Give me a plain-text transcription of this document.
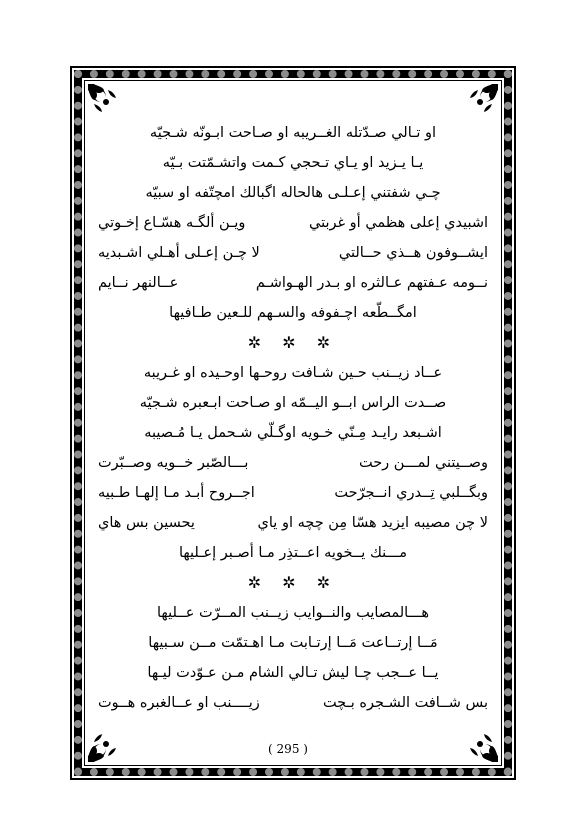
او تـالي صـدّتله الغــريبه او صـاحت ابـونّه شـجيّه
يـا يـزيد او يـاي تـحجي كـمت واتشـمّتت بـيّه
چـي شفتني إعـلـى هالحاله اگبالك امچتّفه او سبيّه
اشبيدي إعلى هظمي أو غربتي
ويـن ألگـه هسّـاع إخـوتي
ايشــوفون هــذي حــالتي
لا چـن إعـلى أهـلي اشـبديه
نــومه عـفتهم عـالثره او بـدر الهـواشـم
عــالنهر نــايم
امگــطّعه اچـفوفه والسـهم للـعين طـافيها
✲ ✲ ✲
عــاد زيــنب حـين شـافت روحـها اوحـيده او غـريبه
صــدت الراس ابــو اليــمّه او صـاحت ابـعبره شـجيّه
اشـبعد رايـد مِـنّي خـويه اوگـلّي شـحمل يـا مُـصيبه
وصــيتني لمـــن رحت
بـــالصّبر خــويه وصــبّرت
وبگــلبي تِــدري انــجرّحت
اجــروح أبـد مـا إلهـا طـبيه
لا چن مصيبه ايزيد هسّا مِن چچه او ياي
يحسين بس هاي
مـــنك يــخويه اعــتذِر مـا أصـبر إعـليها
✲ ✲ ✲
هـــالمصايب والنــوايب زيــنب المــرّت عــليها
مَــا إرتــاعت مَــا إرتـابت مـا اهـتمّت مــن سـبيها
يــا عــجب چـا ليش تـالي الشام مـن عـوّدت ليـها
بس شــافت الشـجره بـچت
زيــــنب او عــالغبره هــوت
( 295 )
